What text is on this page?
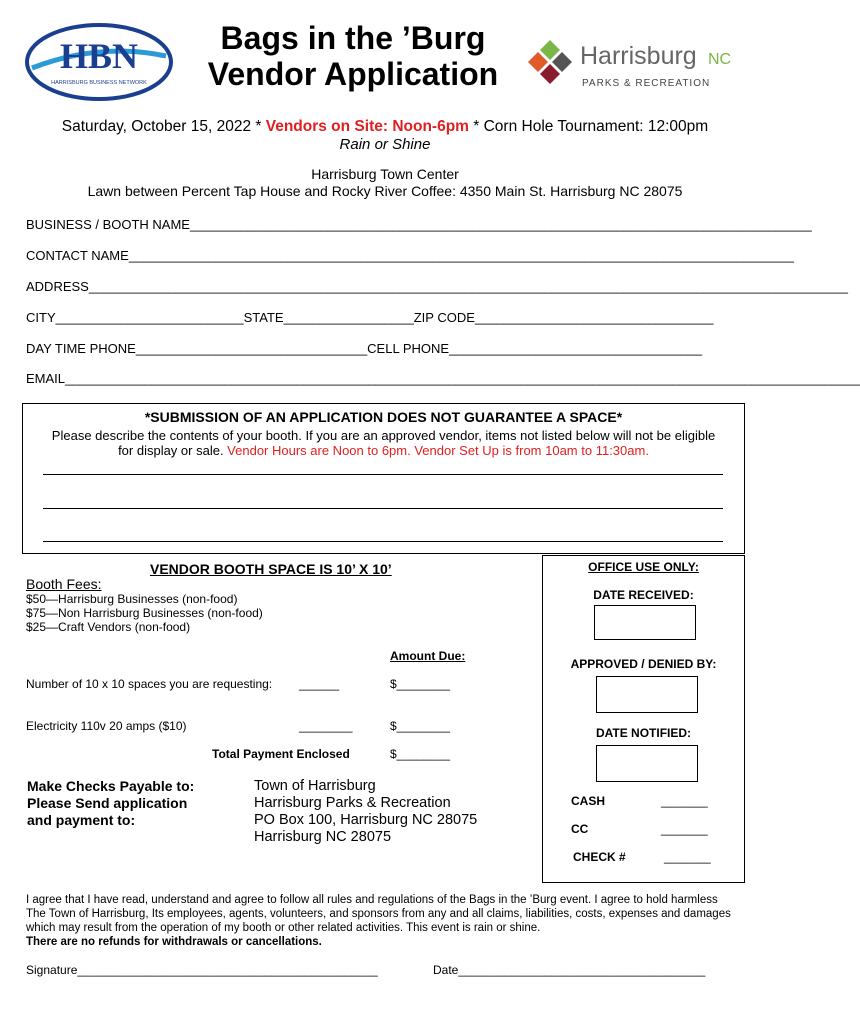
HBN
HARRISBURG BUSINESS NETWORK
Bags in the ’Burg
Vendor Application	Harrisburg NC
PARKS & RECREATION
Saturday, October 15, 2022 * Vendors on Site: Noon-6pm * Corn Hole Tournament: 12:00pm
Rain or Shine
Harrisburg Town Center
Lawn between Percent Tap House and Rocky River Coffee: 4350 Main St. Harrisburg NC 28075
BUSINESS / BOOTH NAME______________________________________________________________________________________
CONTACT NAME____________________________________________________________________________________________
ADDRESS_________________________________________________________________________________________________________
CITY__________________________STATE__________________ZIP CODE_________________________________
DAY TIME PHONE________________________________CELL PHONE___________________________________
EMAIL______________________________________________________________________________________________________________
*SUBMISSION OF AN APPLICATION DOES NOT GUARANTEE A SPACE*
Please describe the contents of your booth. If you are an approved vendor, items not listed below will not be eligible
for display or sale. Vendor Hours are Noon to 6pm. Vendor Set Up is from 10am to 11:30am.
VENDOR BOOTH SPACE IS 10’ X 10’
Booth Fees:
$50—Harrisburg Businesses (non-food)
$75—Non Harrisburg Businesses (non-food)
$25—Craft Vendors (non-food)
Amount Due:
Number of 10 x 10 spaces you are requesting: ______	$________
Electricity 110v 20 amps ($10)	________	$________
Total Payment Enclosed	$________
Make Checks Payable to:
Please Send application
and payment to:
Town of Harrisburg
Harrisburg Parks & Recreation
PO Box 100, Harrisburg NC 28075
Harrisburg NC 28075
OFFICE USE ONLY:
DATE RECEIVED:
APPROVED / DENIED BY:
DATE NOTIFIED:
CASH	_______
CC	_______
CHECK #	_______
I agree that I have read, understand and agree to follow all rules and regulations of the Bags in the ’Burg event. I agree to hold harmless The Town of Harrisburg, Its employees, agents, volunteers, and sponsors from any and all claims, liabilities, costs, expenses and damages which may result from the operation of my booth or other related activities. This event is rain or shine.
There are no refunds for withdrawals or cancellations.
Signature_____________________________________________	Date_____________________________________
